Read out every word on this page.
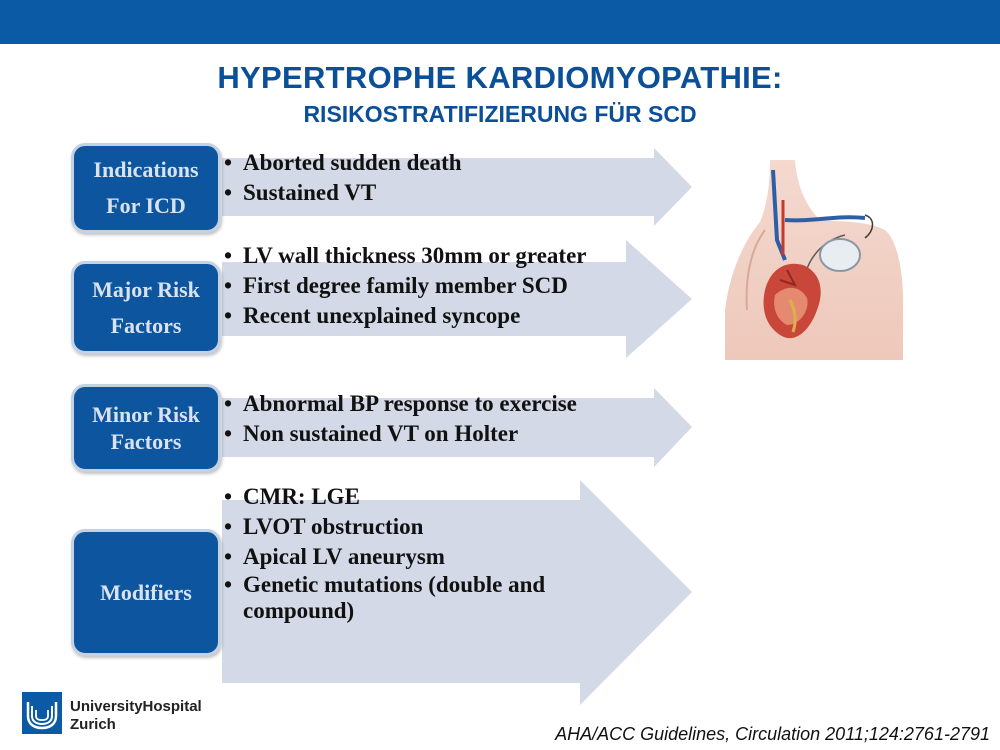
HYPERTROPHE KARDIOMYOPATHIE:
RISIKOSTRATIFIZIERUNG FÜR SCD
Indications
For ICD
• Aborted sudden death
• Sustained VT
Major Risk
Factors
• LV wall thickness 30mm or greater
• First degree family member SCD
• Recent unexplained syncope
Minor Risk
Factors
• Abnormal BP response to exercise
• Non sustained VT on Holter
Modifiers
• CMR: LGE
• LVOT obstruction
• Apical LV aneurysm
• Genetic mutations (double and compound)
UniversityHospital
Zurich	AHA/ACC Guidelines, Circulation 2011;124:2761-2791
